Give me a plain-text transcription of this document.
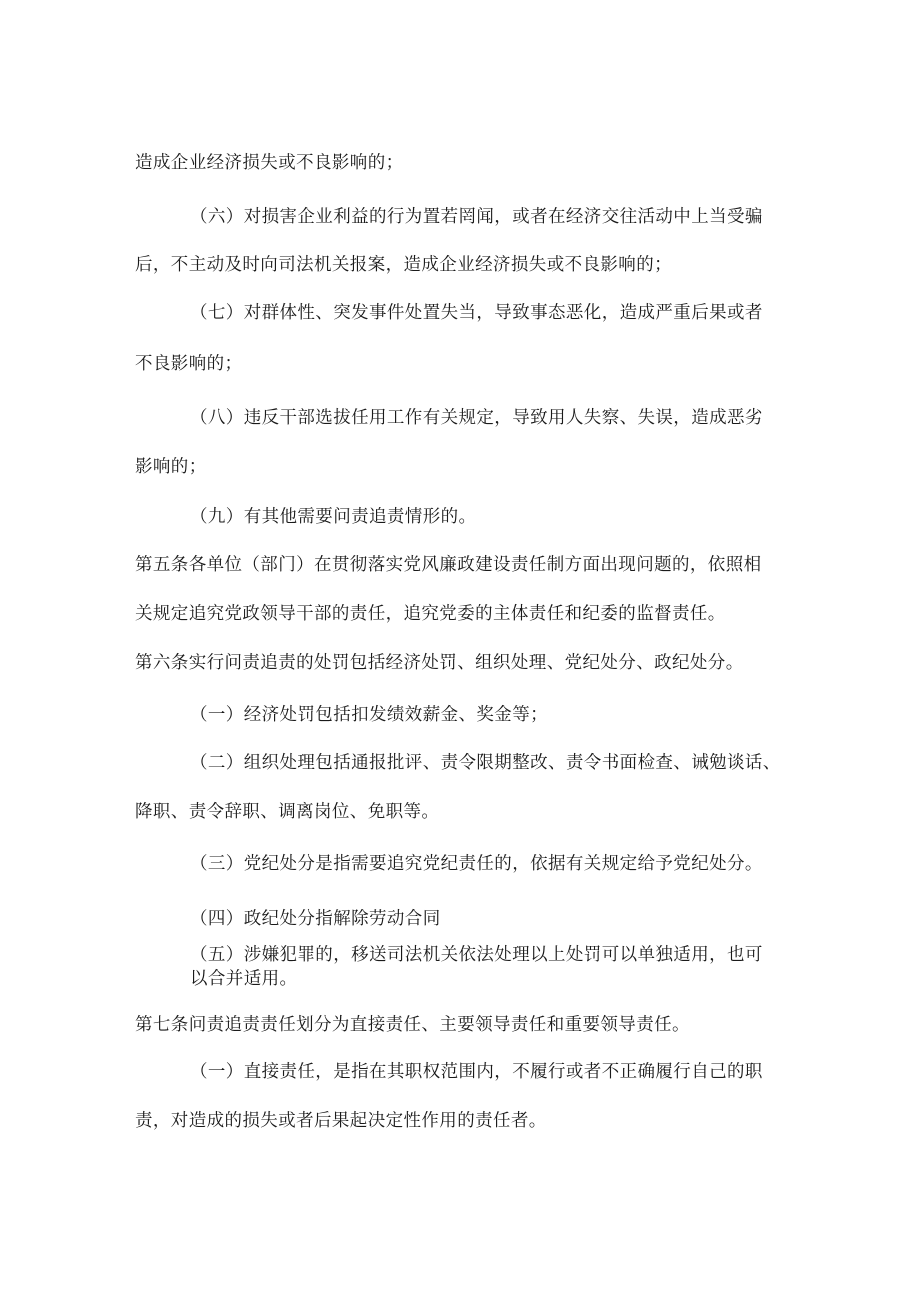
造成企业经济损失或不良影响的；
（六）对损害企业利益的行为置若罔闻，或者在经济交往活动中上当受骗
后，不主动及时向司法机关报案，造成企业经济损失或不良影响的；
（七）对群体性、突发事件处置失当，导致事态恶化，造成严重后果或者
不良影响的；
（八）违反干部选拔任用工作有关规定，导致用人失察、失误，造成恶劣
影响的；
（九）有其他需要问责追责情形的。
第五条各单位（部门）在贯彻落实党风廉政建设责任制方面出现问题的，依照相
关规定追究党政领导干部的责任，追究党委的主体责任和纪委的监督责任。
第六条实行问责追责的处罚包括经济处罚、组织处理、党纪处分、政纪处分。
（一）经济处罚包括扣发绩效薪金、奖金等；
（二）组织处理包括通报批评、责令限期整改、责令书面检查、诫勉谈话、
降职、责令辞职、调离岗位、免职等。
（三）党纪处分是指需要追究党纪责任的，依据有关规定给予党纪处分。
（四）政纪处分指解除劳动合同
（五）涉嫌犯罪的，移送司法机关依法处理以上处罚可以单独适用，也可
以合并适用。
第七条问责追责责任划分为直接责任、主要领导责任和重要领导责任。
（一）直接责任，是指在其职权范围内，不履行或者不正确履行自己的职
责，对造成的损失或者后果起决定性作用的责任者。
